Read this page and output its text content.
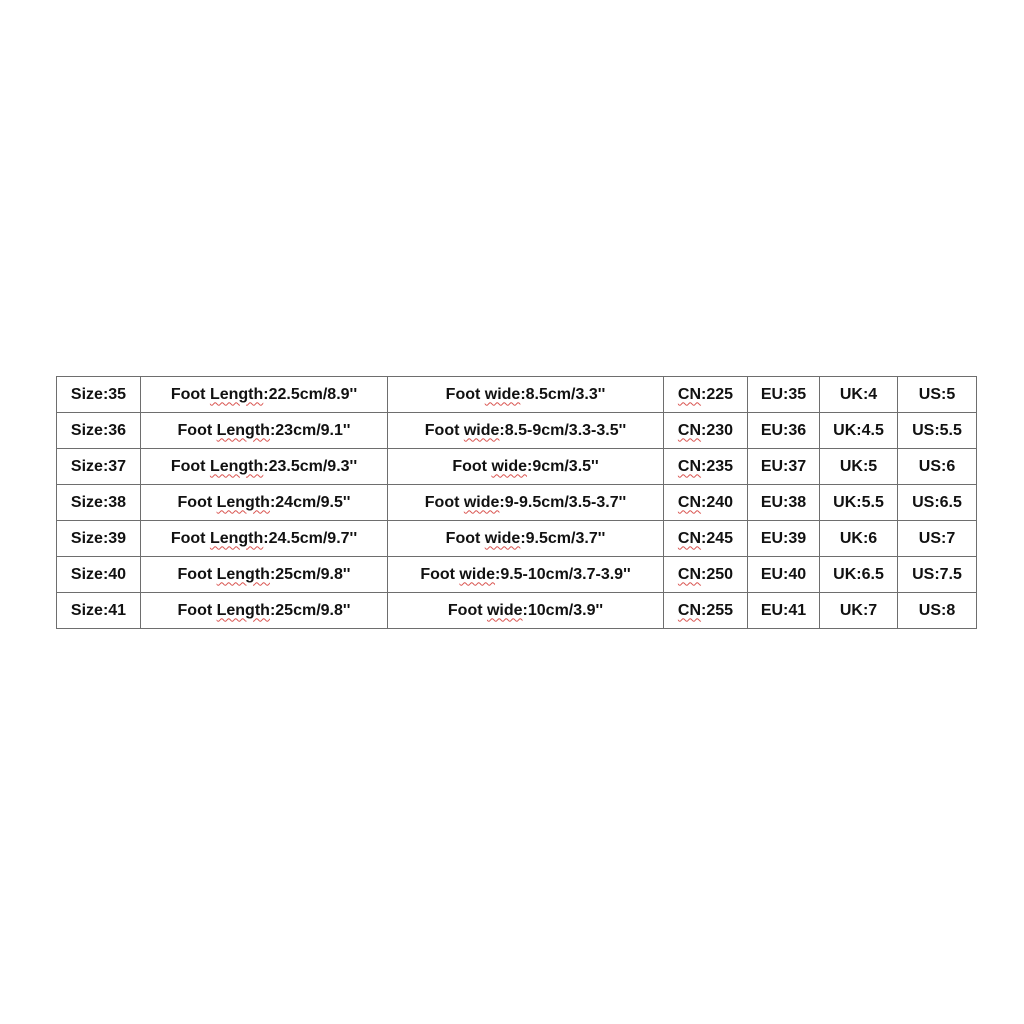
Size:35	Foot Length:22.5cm/8.9''	Foot wide:8.5cm/3.3''	CN:225	EU:35	UK:4	US:5
Size:36	Foot Length:23cm/9.1''	Foot wide:8.5-9cm/3.3-3.5''	CN:230	EU:36	UK:4.5	US:5.5
Size:37	Foot Length:23.5cm/9.3''	Foot wide:9cm/3.5''	CN:235	EU:37	UK:5	US:6
Size:38	Foot Length:24cm/9.5''	Foot wide:9-9.5cm/3.5-3.7''	CN:240	EU:38	UK:5.5	US:6.5
Size:39	Foot Length:24.5cm/9.7''	Foot wide:9.5cm/3.7''	CN:245	EU:39	UK:6	US:7
Size:40	Foot Length:25cm/9.8''	Foot wide:9.5-10cm/3.7-3.9''	CN:250	EU:40	UK:6.5	US:7.5
Size:41	Foot Length:25cm/9.8''	Foot wide:10cm/3.9''	CN:255	EU:41	UK:7	US:8
